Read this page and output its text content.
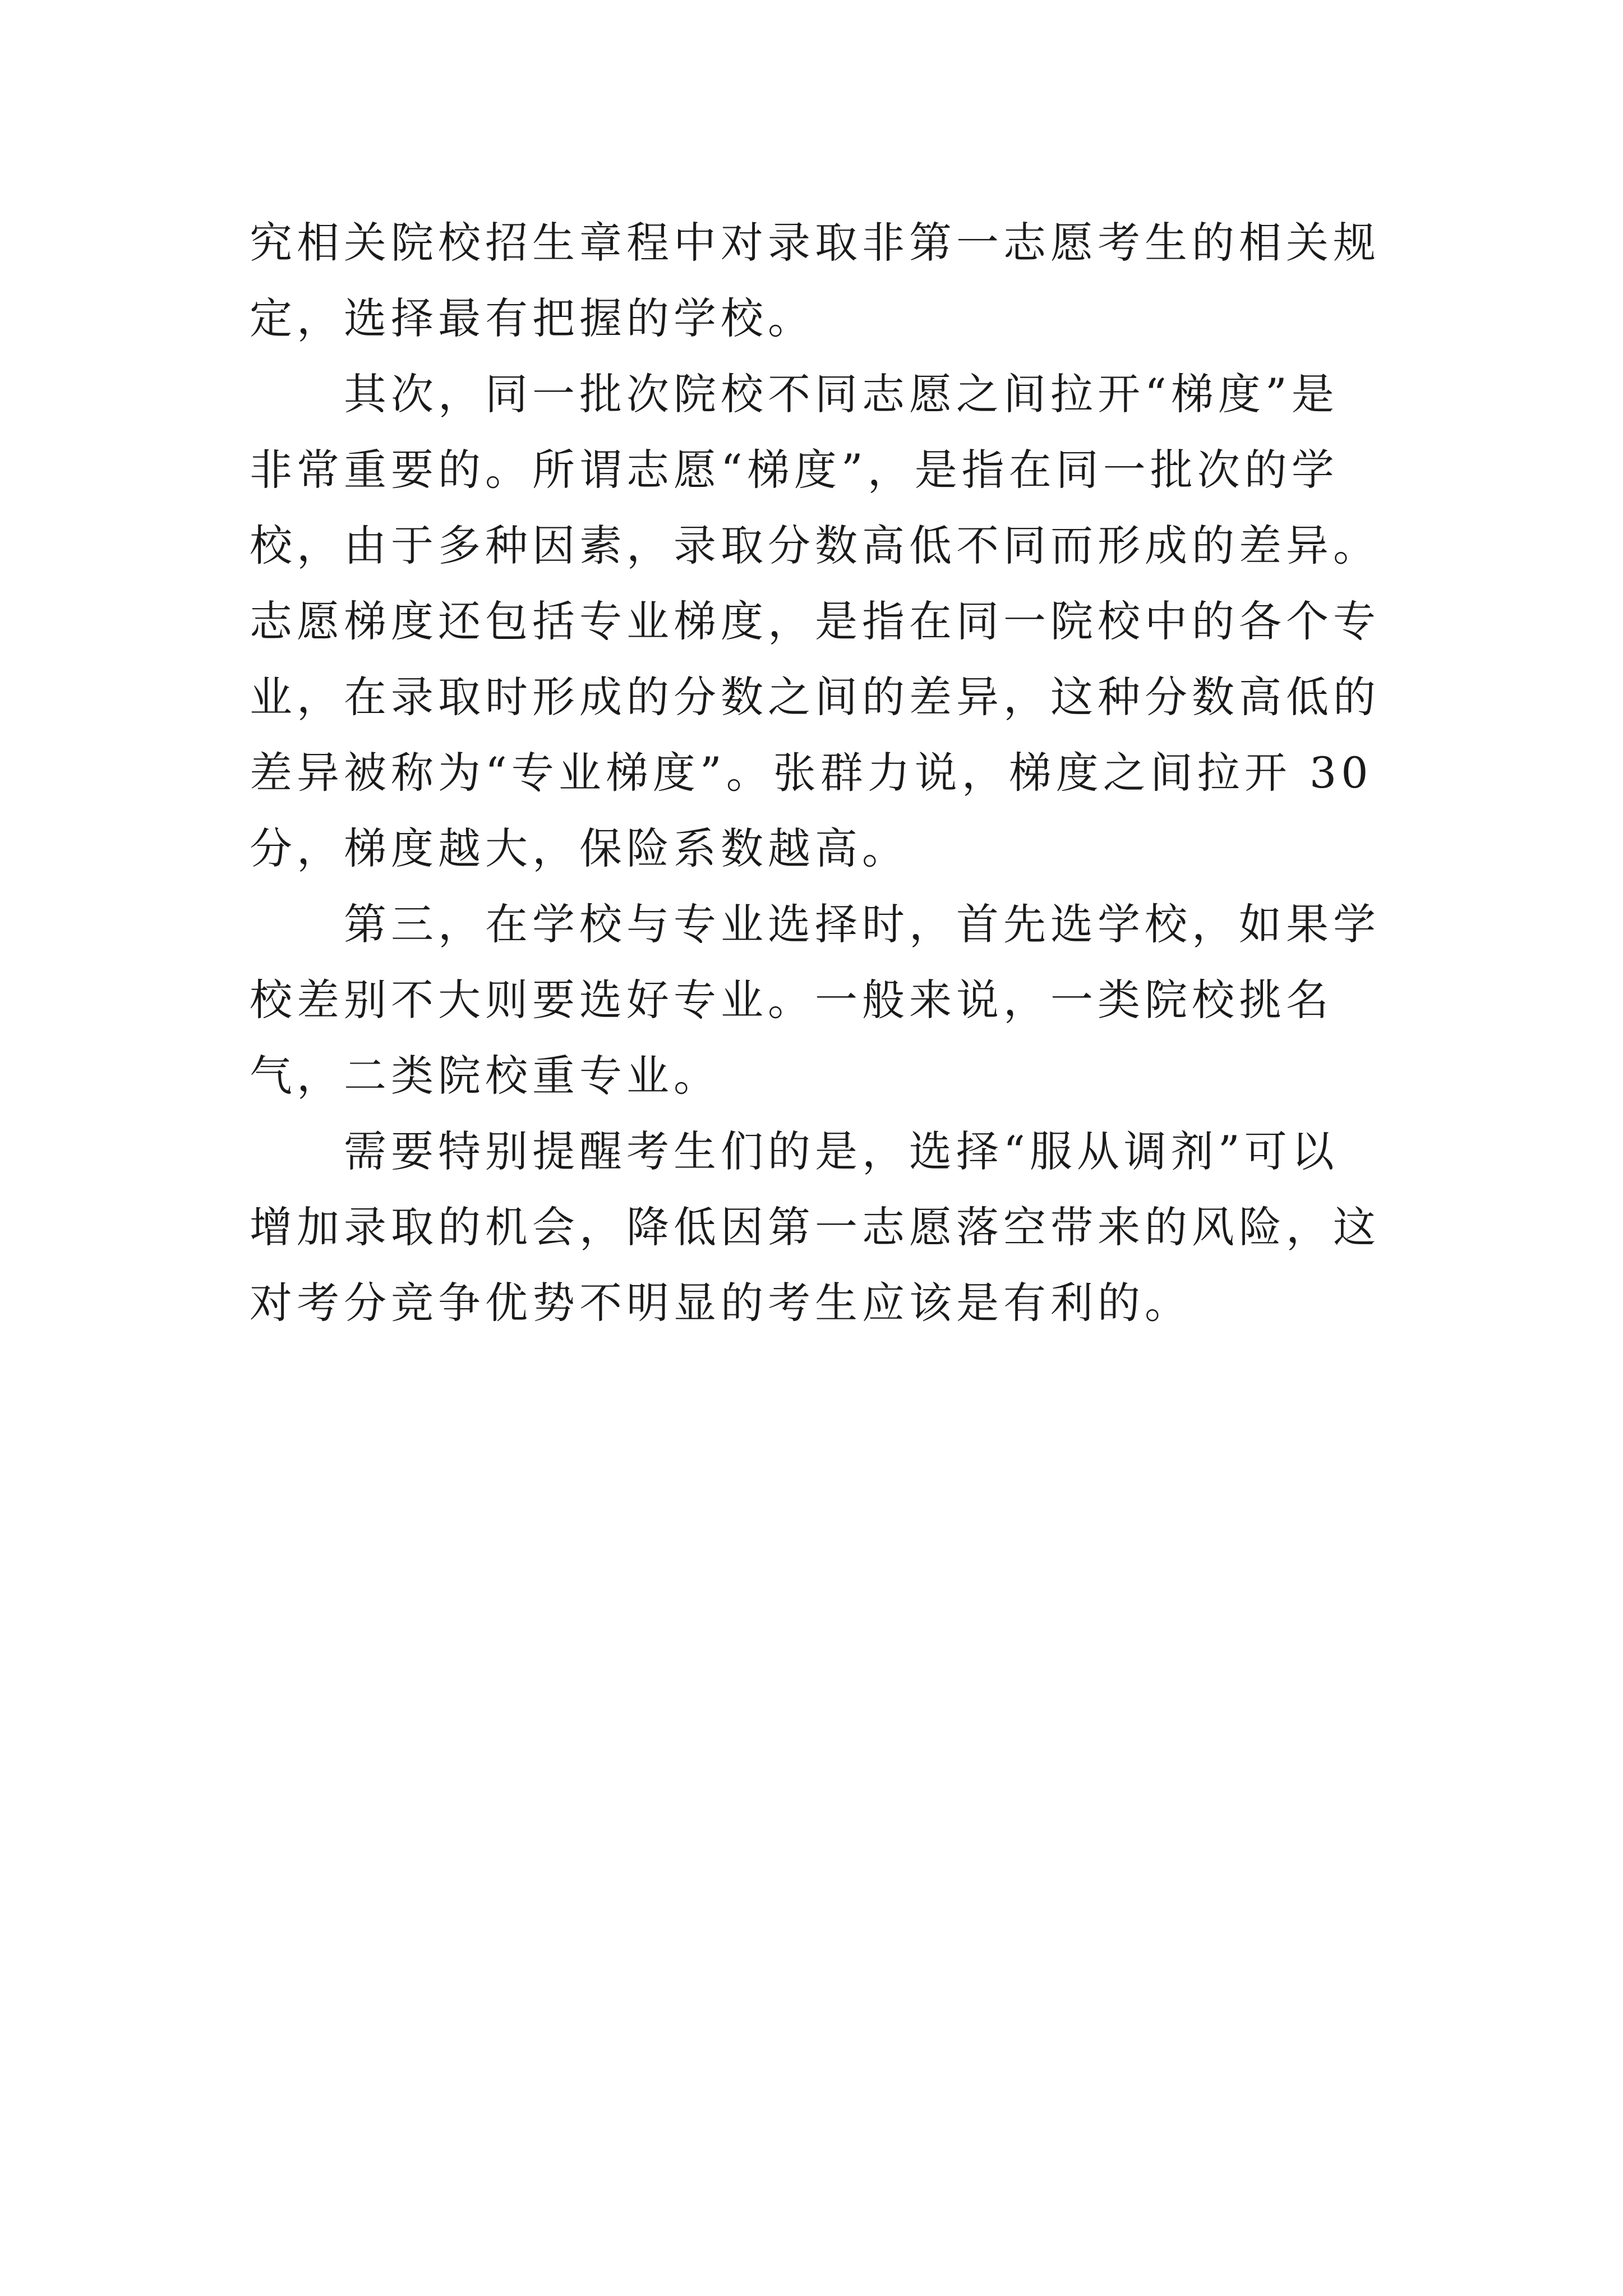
究相关院校招生章程中对录取非第一志愿考生的相关规定，选择最有把握的学校。

其次，同一批次院校不同志愿之间拉开“梯度”是非常重要的。所谓志愿“梯度”，是指在同一批次的学校，由于多种因素，录取分数高低不同而形成的差异。志愿梯度还包括专业梯度，是指在同一院校中的各个专业，在录取时形成的分数之间的差异，这种分数高低的差异被称为“专业梯度”。张群力说，梯度之间拉开 30 分，梯度越大，保险系数越高。

第三，在学校与专业选择时，首先选学校，如果学校差别不大则要选好专业。一般来说，一类院校挑名气，二类院校重专业。

需要特别提醒考生们的是，选择“服从调剂”可以增加录取的机会，降低因第一志愿落空带来的风险，这对考分竞争优势不明显的考生应该是有利的。
